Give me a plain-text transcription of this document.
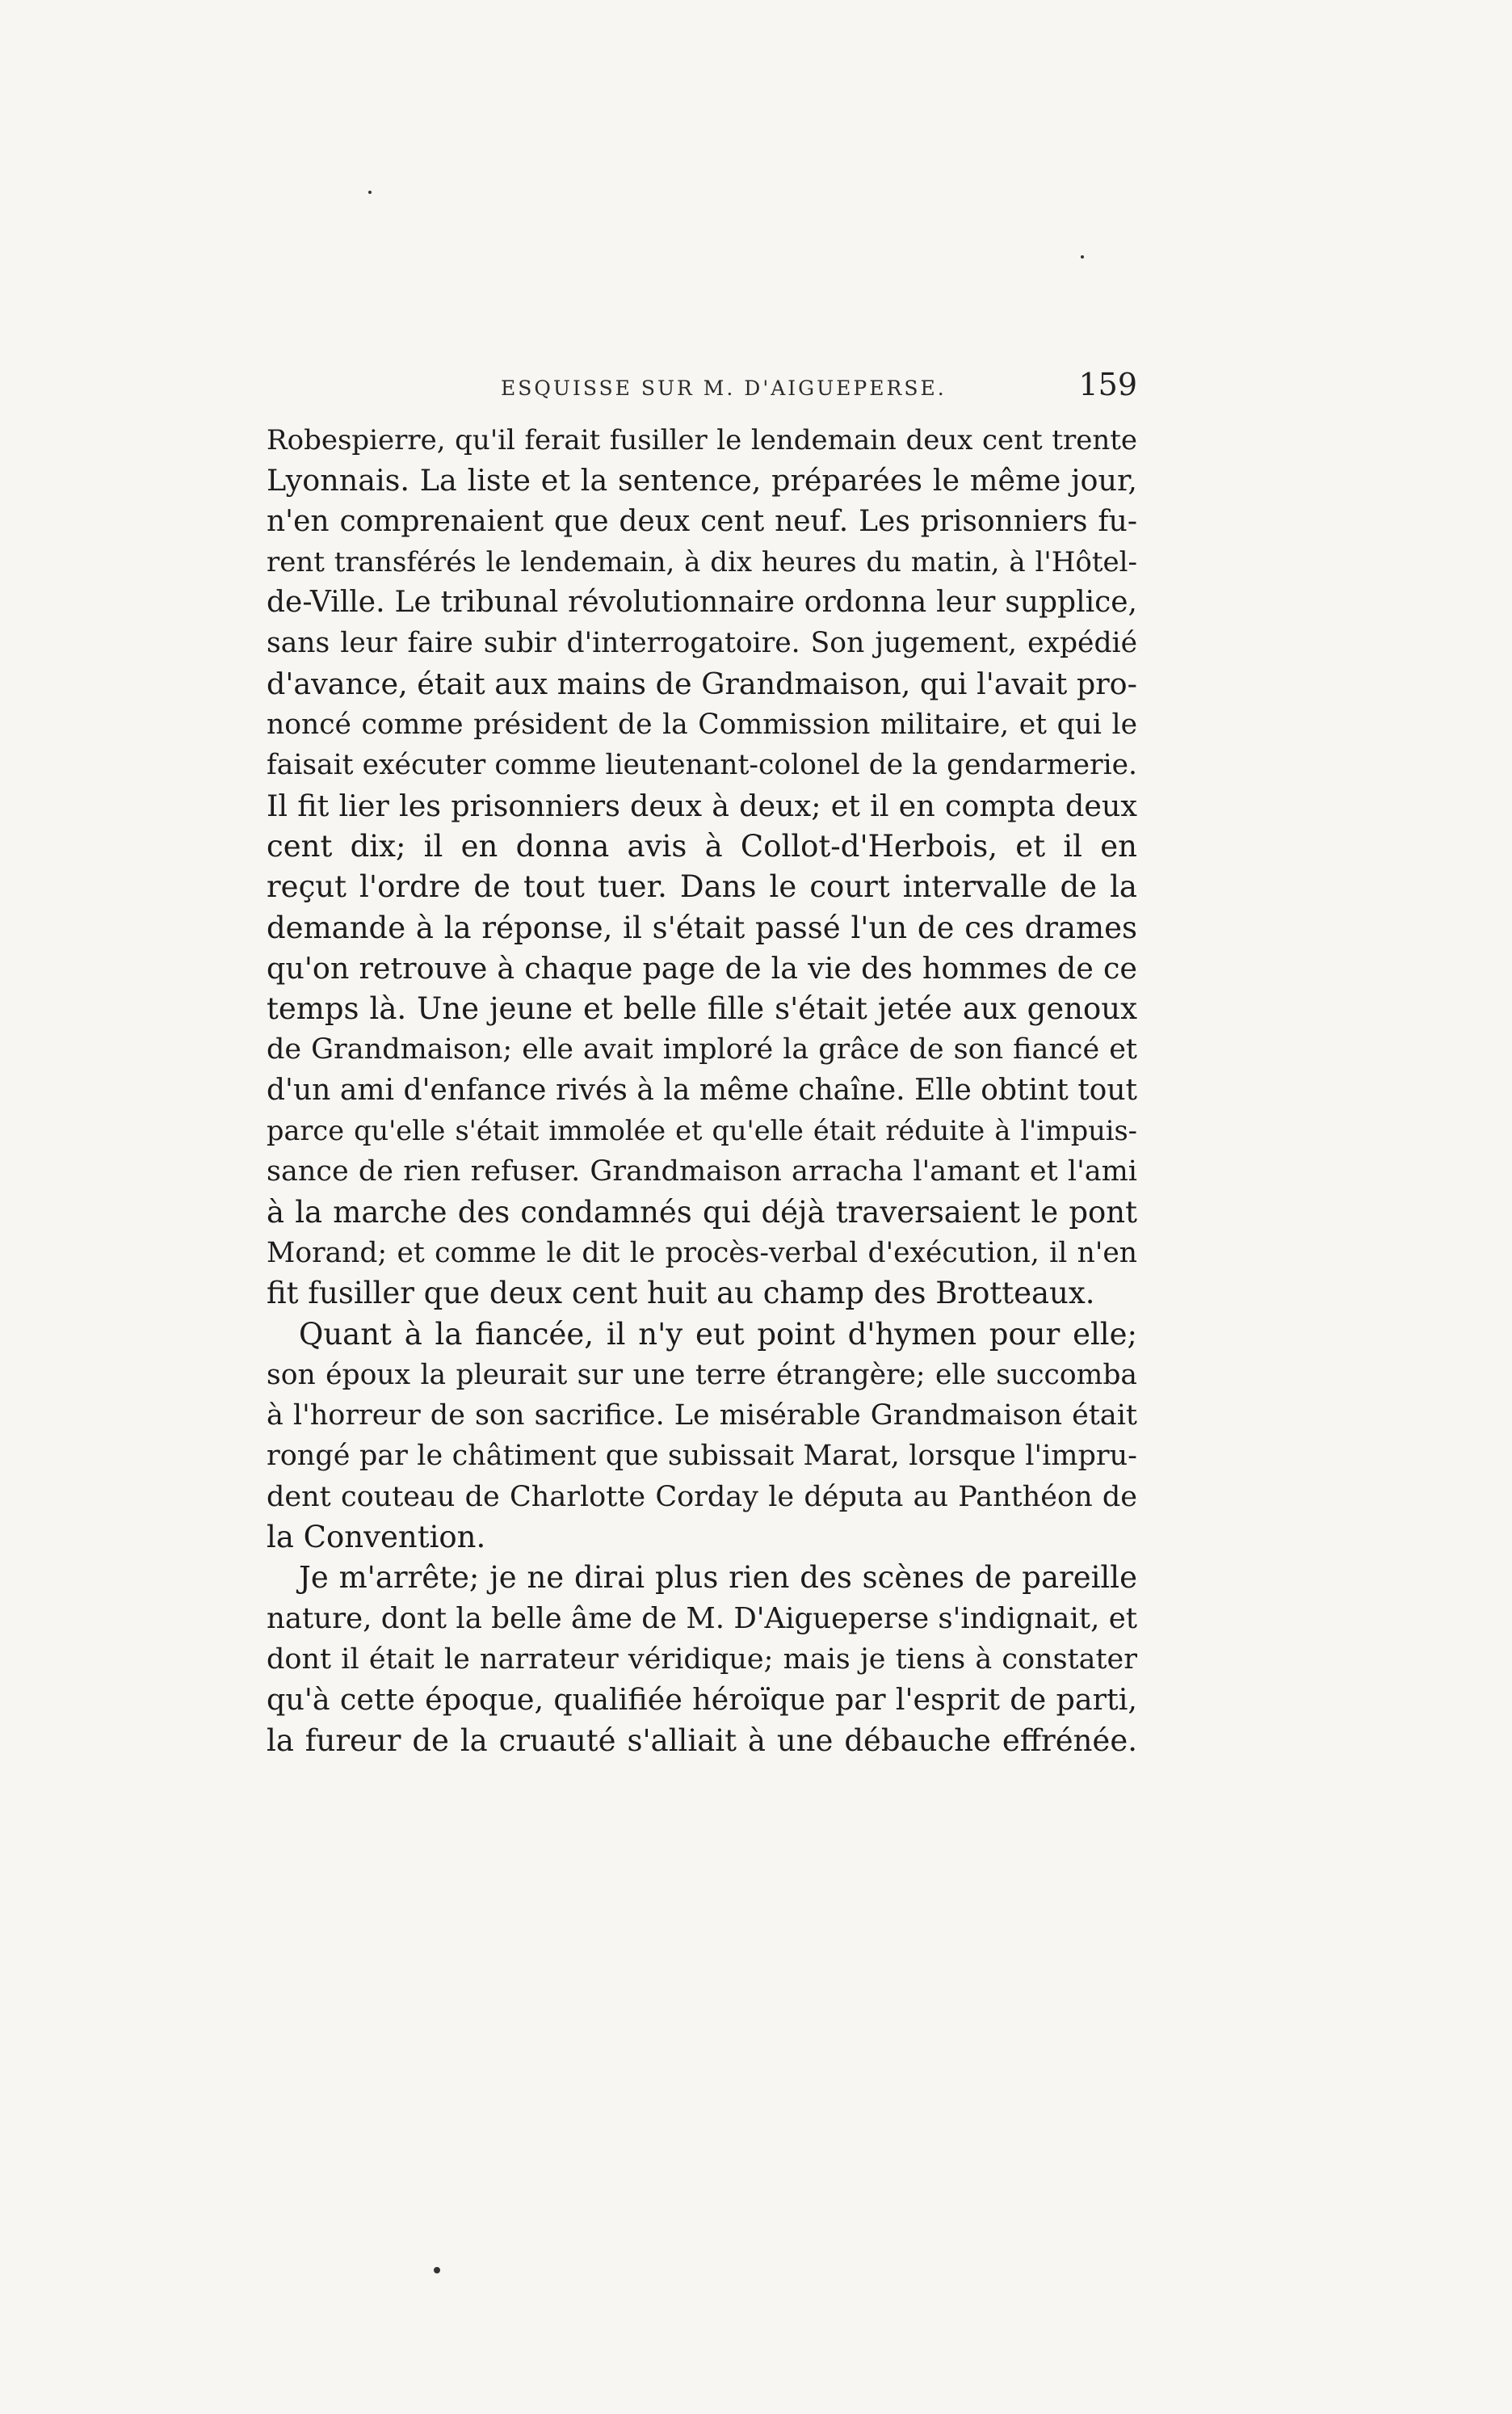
ESQUISSE SUR M. D'AIGUEPERSE.	159
Robespierre, qu'il ferait fusiller le lendemain deux cent trente
Lyonnais. La liste et la sentence, préparées le même jour,
n'en comprenaient que deux cent neuf. Les prisonniers fu-
rent transférés le lendemain, à dix heures du matin, à l'Hôtel-
de-Ville. Le tribunal révolutionnaire ordonna leur supplice,
sans leur faire subir d'interrogatoire. Son jugement, expédié
d'avance, était aux mains de Grandmaison, qui l'avait pro-
noncé comme président de la Commission militaire, et qui le
faisait exécuter comme lieutenant-colonel de la gendarmerie.
Il fit lier les prisonniers deux à deux; et il en compta deux
cent dix; il en donna avis à Collot-d'Herbois, et il en
reçut l'ordre de tout tuer. Dans le court intervalle de la
demande à la réponse, il s'était passé l'un de ces drames
qu'on retrouve à chaque page de la vie des hommes de ce
temps là. Une jeune et belle fille s'était jetée aux genoux
de Grandmaison; elle avait imploré la grâce de son fiancé et
d'un ami d'enfance rivés à la même chaîne. Elle obtint tout
parce qu'elle s'était immolée et qu'elle était réduite à l'impuis-
sance de rien refuser. Grandmaison arracha l'amant et l'ami
à la marche des condamnés qui déjà traversaient le pont
Morand; et comme le dit le procès-verbal d'exécution, il n'en
fit fusiller que deux cent huit au champ des Brotteaux.
Quant à la fiancée, il n'y eut point d'hymen pour elle;
son époux la pleurait sur une terre étrangère; elle succomba
à l'horreur de son sacrifice. Le misérable Grandmaison était
rongé par le châtiment que subissait Marat, lorsque l'impru-
dent couteau de Charlotte Corday le députa au Panthéon de
la Convention.
Je m'arrête; je ne dirai plus rien des scènes de pareille
nature, dont la belle âme de M. D'Aigueperse s'indignait, et
dont il était le narrateur véridique; mais je tiens à constater
qu'à cette époque, qualifiée héroïque par l'esprit de parti,
la fureur de la cruauté s'alliait à une débauche effrénée.
